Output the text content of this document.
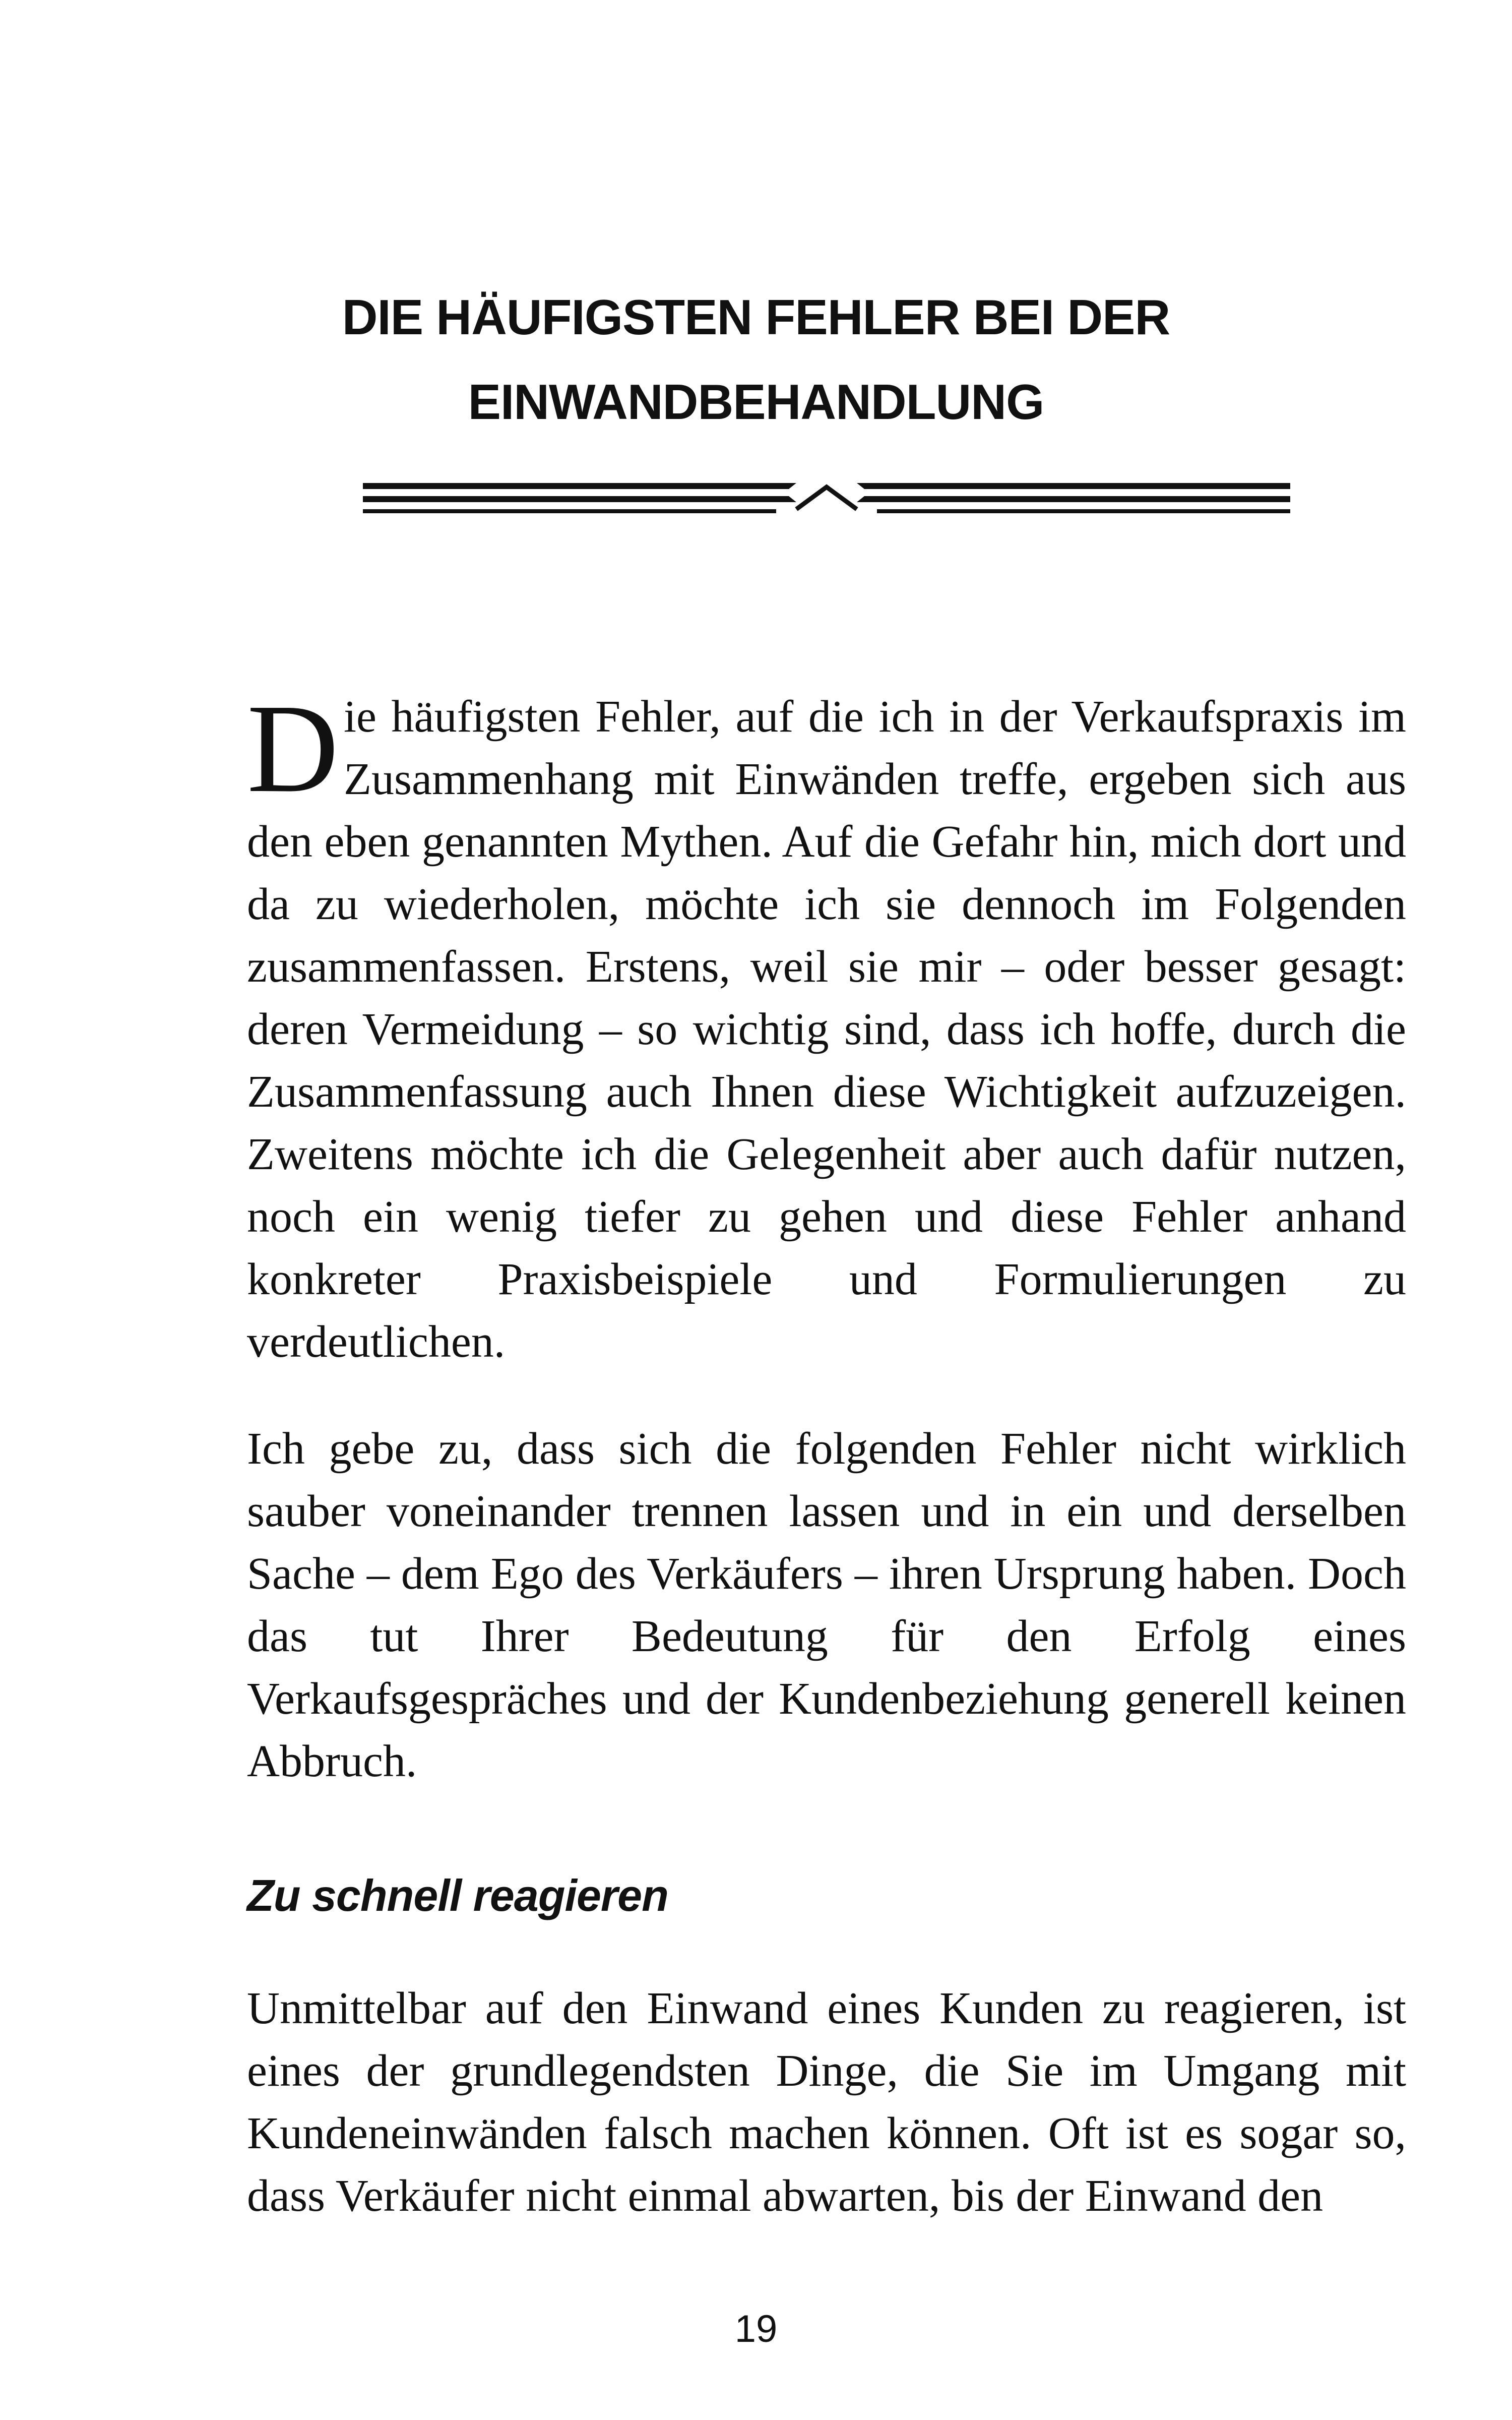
DIE HÄUFIGSTEN FEHLER BEI DER
EINWANDBEHANDLUNG

Die häufigsten Fehler, auf die ich in der Verkaufspraxis im Zusammenhang mit Einwänden treffe, ergeben sich aus den eben genannten Mythen. Auf die Gefahr hin, mich dort und da zu wiederholen, möchte ich sie dennoch im Folgenden zusammenfassen. Erstens, weil sie mir – oder besser gesagt: deren Vermeidung – so wichtig sind, dass ich hoffe, durch die Zusammenfassung auch Ihnen diese Wichtigkeit aufzuzeigen. Zweitens möchte ich die Gelegenheit aber auch dafür nutzen, noch ein wenig tiefer zu gehen und diese Fehler anhand konkreter Praxisbeispiele und Formulierungen zu verdeutlichen.

Ich gebe zu, dass sich die folgenden Fehler nicht wirklich sauber voneinander trennen lassen und in ein und derselben Sache – dem Ego des Verkäufers – ihren Ursprung haben. Doch das tut Ihrer Bedeutung für den Erfolg eines Verkaufsgespräches und der Kundenbeziehung generell keinen Abbruch.

Zu schnell reagieren

Unmittelbar auf den Einwand eines Kunden zu reagieren, ist eines der grundlegendsten Dinge, die Sie im Umgang mit Kundeneinwänden falsch machen können. Oft ist es sogar so, dass Verkäufer nicht einmal abwarten, bis der Einwand den

19
